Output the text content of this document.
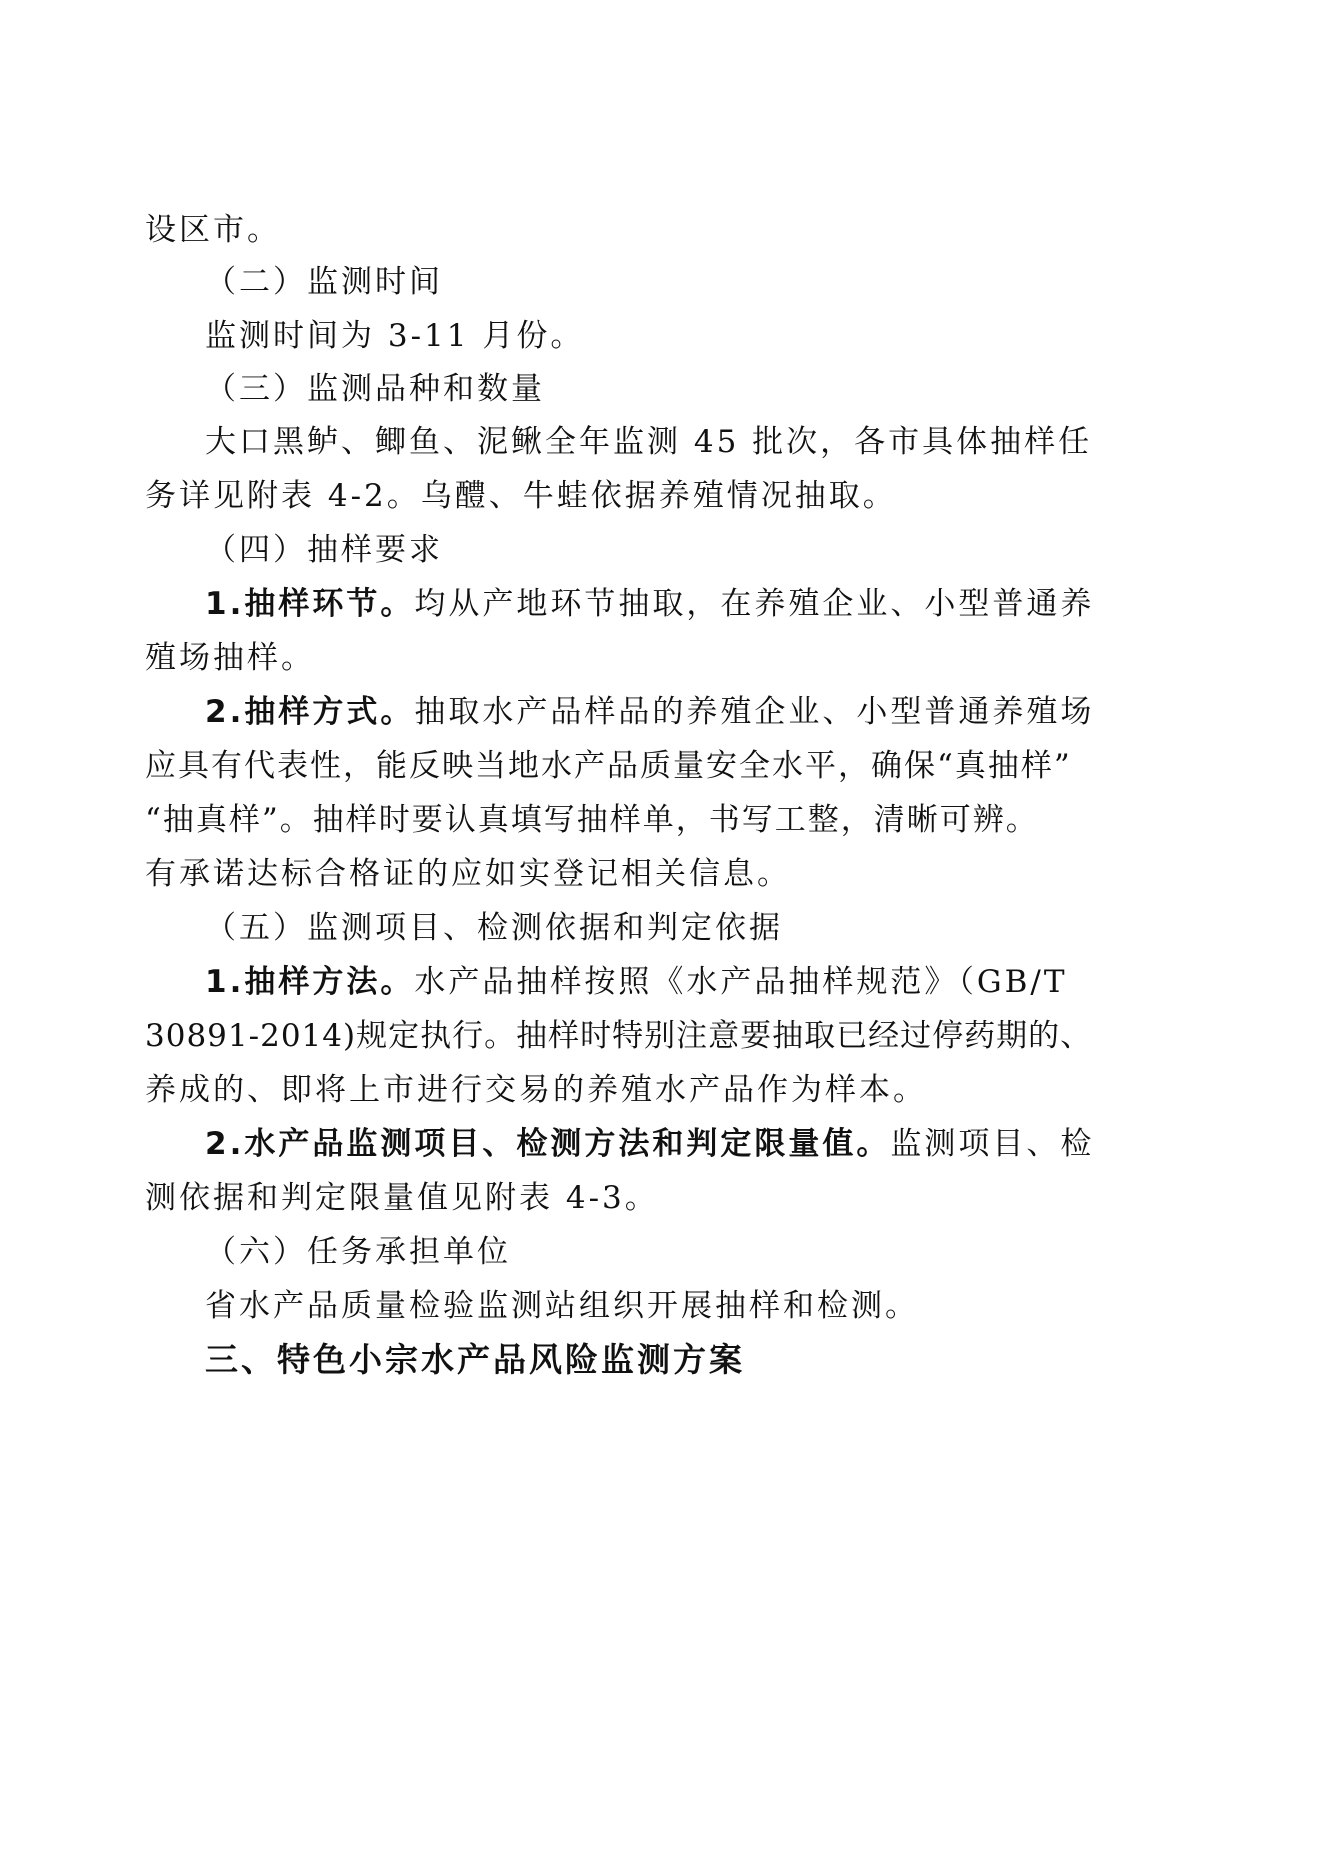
设区市。
（二）监测时间
监测时间为 3-11 月份。
（三）监测品种和数量
大口黑鲈、鲫鱼、泥鳅全年监测 45 批次，各市具体抽样任
务详见附表 4-2。乌醴、牛蛙依据养殖情况抽取。
（四）抽样要求
1.抽样环节。均从产地环节抽取，在养殖企业、小型普通养
殖场抽样。
2.抽样方式。抽取水产品样品的养殖企业、小型普通养殖场
应具有代表性，能反映当地水产品质量安全水平，确保“真抽样”
“抽真样”。抽样时要认真填写抽样单，书写工整，清晰可辨。
有承诺达标合格证的应如实登记相关信息。
（五）监测项目、检测依据和判定依据
1.抽样方法。水产品抽样按照《水产品抽样规范》（GB/T
30891-2014)规定执行。抽样时特别注意要抽取已经过停药期的、
养成的、即将上市进行交易的养殖水产品作为样本。
2.水产品监测项目、检测方法和判定限量值。监测项目、检
测依据和判定限量值见附表 4-3。
（六）任务承担单位
省水产品质量检验监测站组织开展抽样和检测。
三、特色小宗水产品风险监测方案
